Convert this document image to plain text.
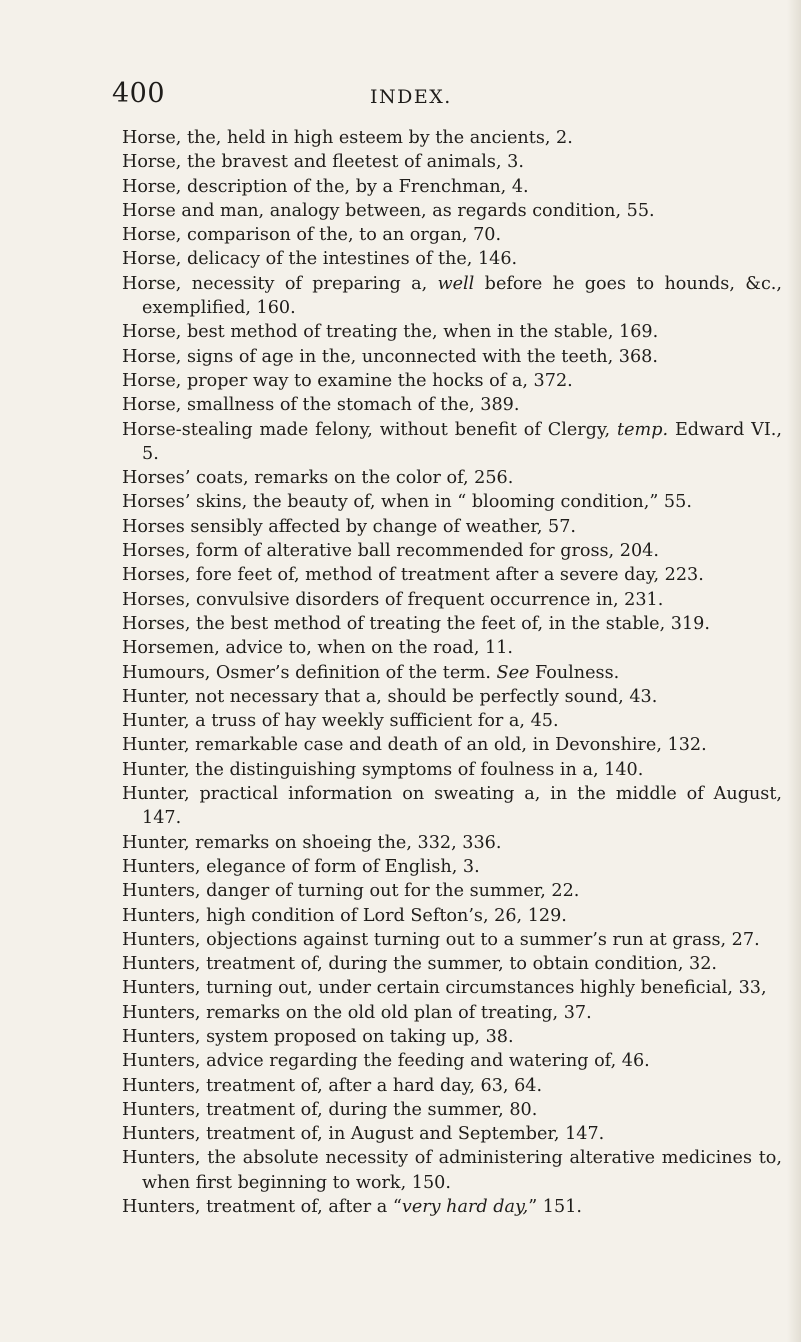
400	INDEX.

Horse, the, held in high esteem by the ancients, 2.

Horse, the bravest and fleetest of animals, 3.

Horse, description of the, by a Frenchman, 4.

Horse and man, analogy between, as regards condition, 55.

Horse, comparison of the, to an organ, 70.

Horse, delicacy of the intestines of the, 146.

Horse, necessity of preparing a, well before he goes to hounds, &c., exemplified, 160.

Horse, best method of treating the, when in the stable, 169.

Horse, signs of age in the, unconnected with the teeth, 368.

Horse, proper way to examine the hocks of a, 372.

Horse, smallness of the stomach of the, 389.

Horse-stealing made felony, without benefit of Clergy, temp. Edward VI., 5.

Horses’ coats, remarks on the color of, 256.

Horses’ skins, the beauty of, when in “ blooming condition,” 55.

Horses sensibly affected by change of weather, 57.

Horses, form of alterative ball recommended for gross, 204.

Horses, fore feet of, method of treatment after a severe day, 223.

Horses, convulsive disorders of frequent occurrence in, 231.

Horses, the best method of treating the feet of, in the stable, 319.

Horsemen, advice to, when on the road, 11.

Humours, Osmer’s definition of the term. See Foulness.

Hunter, not necessary that a, should be perfectly sound, 43.

Hunter, a truss of hay weekly sufficient for a, 45.

Hunter, remarkable case and death of an old, in Devonshire, 132.

Hunter, the distinguishing symptoms of foulness in a, 140.

Hunter, practical information on sweating a, in the middle of August, 147.

Hunter, remarks on shoeing the, 332, 336.

Hunters, elegance of form of English, 3.

Hunters, danger of turning out for the summer, 22.

Hunters, high condition of Lord Sefton’s, 26, 129.

Hunters, objections against turning out to a summer’s run at grass, 27.

Hunters, treatment of, during the summer, to obtain condition, 32.

Hunters, turning out, under certain circumstances highly beneficial, 33,

Hunters, remarks on the old old plan of treating, 37.

Hunters, system proposed on taking up, 38.

Hunters, advice regarding the feeding and watering of, 46.

Hunters, treatment of, after a hard day, 63, 64.

Hunters, treatment of, during the summer, 80.

Hunters, treatment of, in August and September, 147.

Hunters, the absolute necessity of administering alterative medicines to, when first beginning to work, 150.

Hunters, treatment of, after a “very hard day,” 151.
